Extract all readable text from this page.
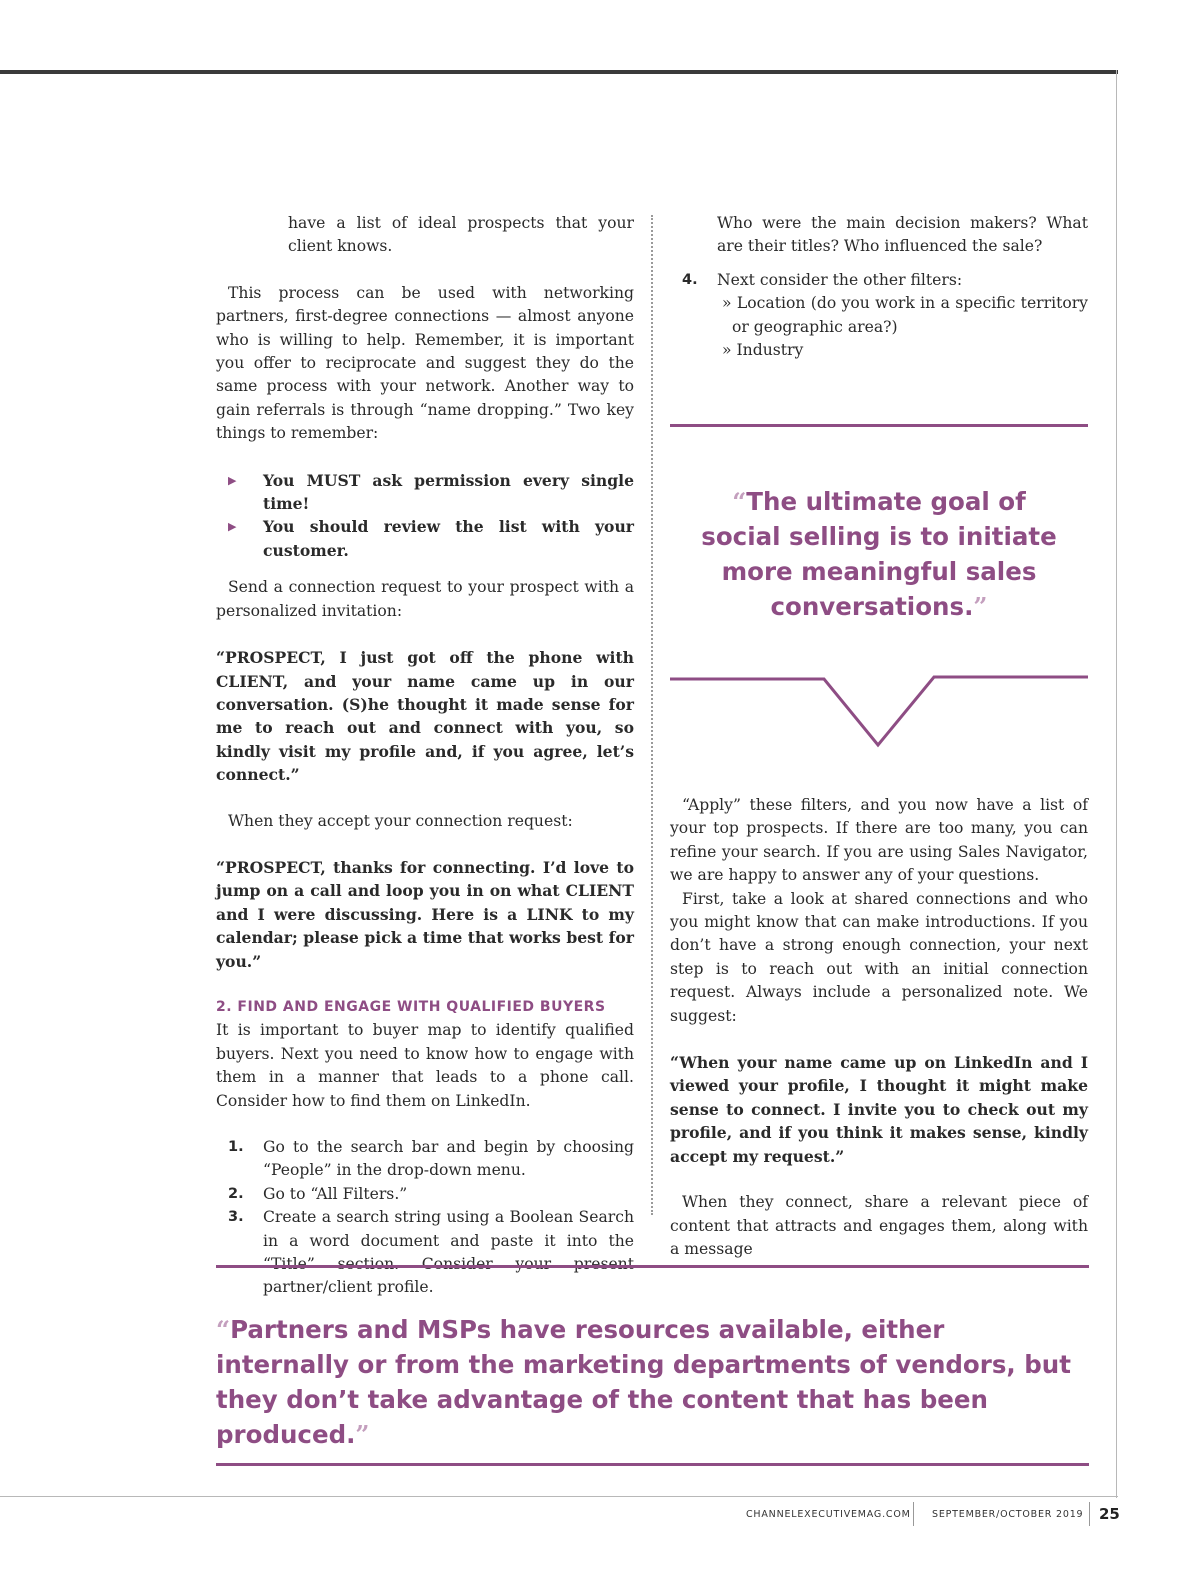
have a list of ideal prospects that your client knows.

This process can be used with networking partners, first-degree connections — almost anyone who is willing to help. Remember, it is important you offer to reciprocate and suggest they do the same process with your network. Another way to gain referrals is through “name dropping.” Two key things to remember:

▶ You MUST ask permission every single time!

▶ You should review the list with your customer.

Send a connection request to your prospect with a personalized invitation:

“PROSPECT, I just got off the phone with CLIENT, and your name came up in our conversation. (S)he thought it made sense for me to reach out and connect with you, so kindly visit my profile and, if you agree, let’s connect.”

When they accept your connection request:

“PROSPECT, thanks for connecting. I’d love to jump on a call and loop you in on what CLIENT and I were discussing. Here is a LINK to my calendar; please pick a time that works best for you.”

2. FIND AND ENGAGE WITH QUALIFIED BUYERS

It is important to buyer map to identify qualified buyers. Next you need to know how to engage with them in a manner that leads to a phone call. Consider how to find them on LinkedIn.

1. Go to the search bar and begin by choosing “People” in the drop-down menu.

2. Go to “All Filters.”

3. Create a search string using a Boolean Search in a word document and paste it into the partner/client profile.

Who were the main decision makers? What are their titles? Who influenced the sale?

4. Next consider the other filters:

» Location (do you work in a specific territory or geographic area?)

» Industry

“The ultimate goal of social selling is to initiate more meaningful sales conversations.”

“Apply” these filters, and you now have a list of your top prospects. If there are too many, you can refine your search. If you are using Sales Navigator, we are happy to answer any of your questions.

First, take a look at shared connections and who you might know that can make introductions. If you don’t have a strong enough connection, your next step is to reach out with an initial connection request. Always include a personalized note. We suggest:

“When your name came up on LinkedIn and I viewed your profile, I thought it might make sense to connect. I invite you to check out my profile, and if you think it makes sense, kindly accept my request.”

When they connect, share a relevant piece of content that attracts and engages them, along with a message

“Partners and MSPs have resources available, either internally or from the marketing departments of vendors, but they don’t take advantage of the content that has been produced.”
CHANNELEXECUTIVEMAG.COM SEPTEMBER/OCTOBER 2019 25
